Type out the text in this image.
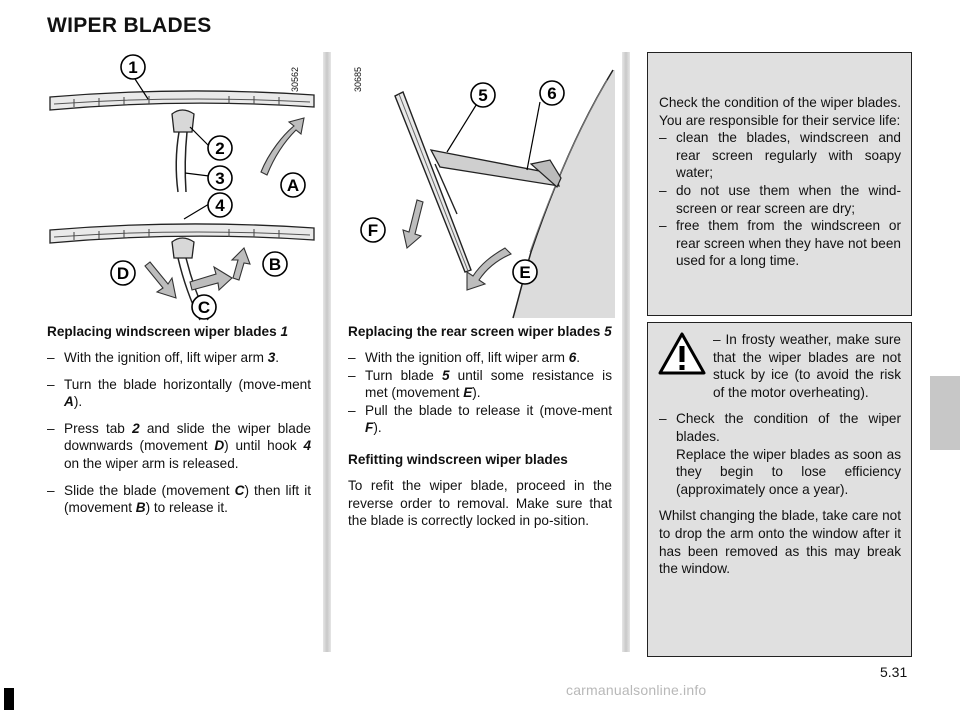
WIPER BLADES
1
2
3
4
A
B
C
D
30562
5	6
E
F
30685

Check the condition of the wiper blades. You are responsible for their service life:

– clean the blades, windscreen and rear screen regularly with soapy water;
– do not use them when the wind-screen or rear screen are dry;
– free them from the windscreen or rear screen when they have not been used for a long time.
– In frosty weather, make sure that the wiper blades are not stuck by ice (to avoid the risk of the motor overheating).
– Check the condition of the wiper blades.
Replace the wiper blades as soon as they begin to lose efficiency (approximately once a year).

Whilst changing the blade, take care not to drop the arm onto the window after it has been removed as this may break the window.

Replacing windscreen wiper blades 1

– With the ignition off, lift wiper arm 3.
– Turn the blade horizontally (move-ment A).
– Press tab 2 and slide the wiper blade downwards (movement D) until hook 4 on the wiper arm is released.
– Slide the blade (movement C) then lift it (movement B) to release it.

Replacing the rear screen wiper blades 5

– With the ignition off, lift wiper arm 6.
– Turn blade 5 until some resistance is met (movement E).
– Pull the blade to release it (move-ment F).

Refitting windscreen wiper blades

To refit the wiper blade, proceed in the reverse order to removal. Make sure that the blade is correctly locked in po-sition.

5.31
carmanualsonline.info
